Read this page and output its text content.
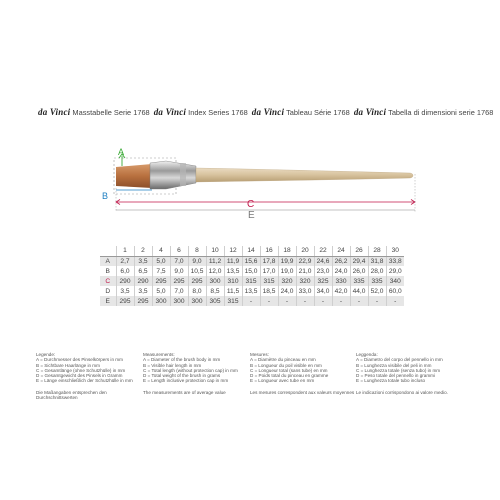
da Vinci Masstabelle Serie 1768 da Vinci Index Series 1768 da Vinci Tableau Série 1768 da Vinci Tabella di dimensioni serie 1768
A
B
C
E
	1	2	4	6	8	10	12	14	16	18	20	22	24	26	28	30
A	2,7	3,5	5,0	7,0	9,0	11,2	11,9	15,6	17,8	19,9	22,9	24,6	26,2	29,4	31,8	33,8
B	6,0	6,5	7,5	9,0	10,5	12,0	13,5	15,0	17,0	19,0	21,0	23,0	24,0	26,0	28,0	29,0
C	290	290	295	295	295	300	310	315	315	320	320	325	330	335	335	340
D	3,5	3,5	5,0	7,0	8,0	8,5	11,5	13,5	18,5	24,0	33,0	34,0	42,0	44,0	52,0	60,0
E	295	295	300	300	300	305	315	-	-	-	-	-	-	-	-	-
Legende:
A = Durchmesser des Pinselkörpers in mm
B = Sichtbare Haarlänge in mm
C = Gesamtlänge (ohne Schutzhülle) in mm
D = Gesamtgewicht des Pinsels in Gramm
E = Länge einschließlich der Schutzhülle in mm
Die Maßangaben entsprechen den Durchschnittswerten
Measurements:
A = Diameter of the brush body in mm
B = Visible hair length in mm
C = Total length (without protection cap) in mm
D = Total weight of the brush in grams
E = Length inclusive protection cap in mm
The measurements are of average value
Mesures:
A = Diamètre du pinceau en mm
B = Longueur du poil visible en mm
C = Longueur total (sans tube) en mm
D = Poids total du pinceau en gramme
E = Longueur avec tube en mm
Les mesures correspondent aux valeurs moyennes
Leggenda:
A = Diametro del corpo del pennello in mm
B = Lunghezza visibile del peli in mm
C = Lunghezza totale (senza tubo) in mm
D = Peso totale del pennello in grammi
E = Lunghezza totale tubo incluso
Le indicazioni corrispondono ai valore medio.
